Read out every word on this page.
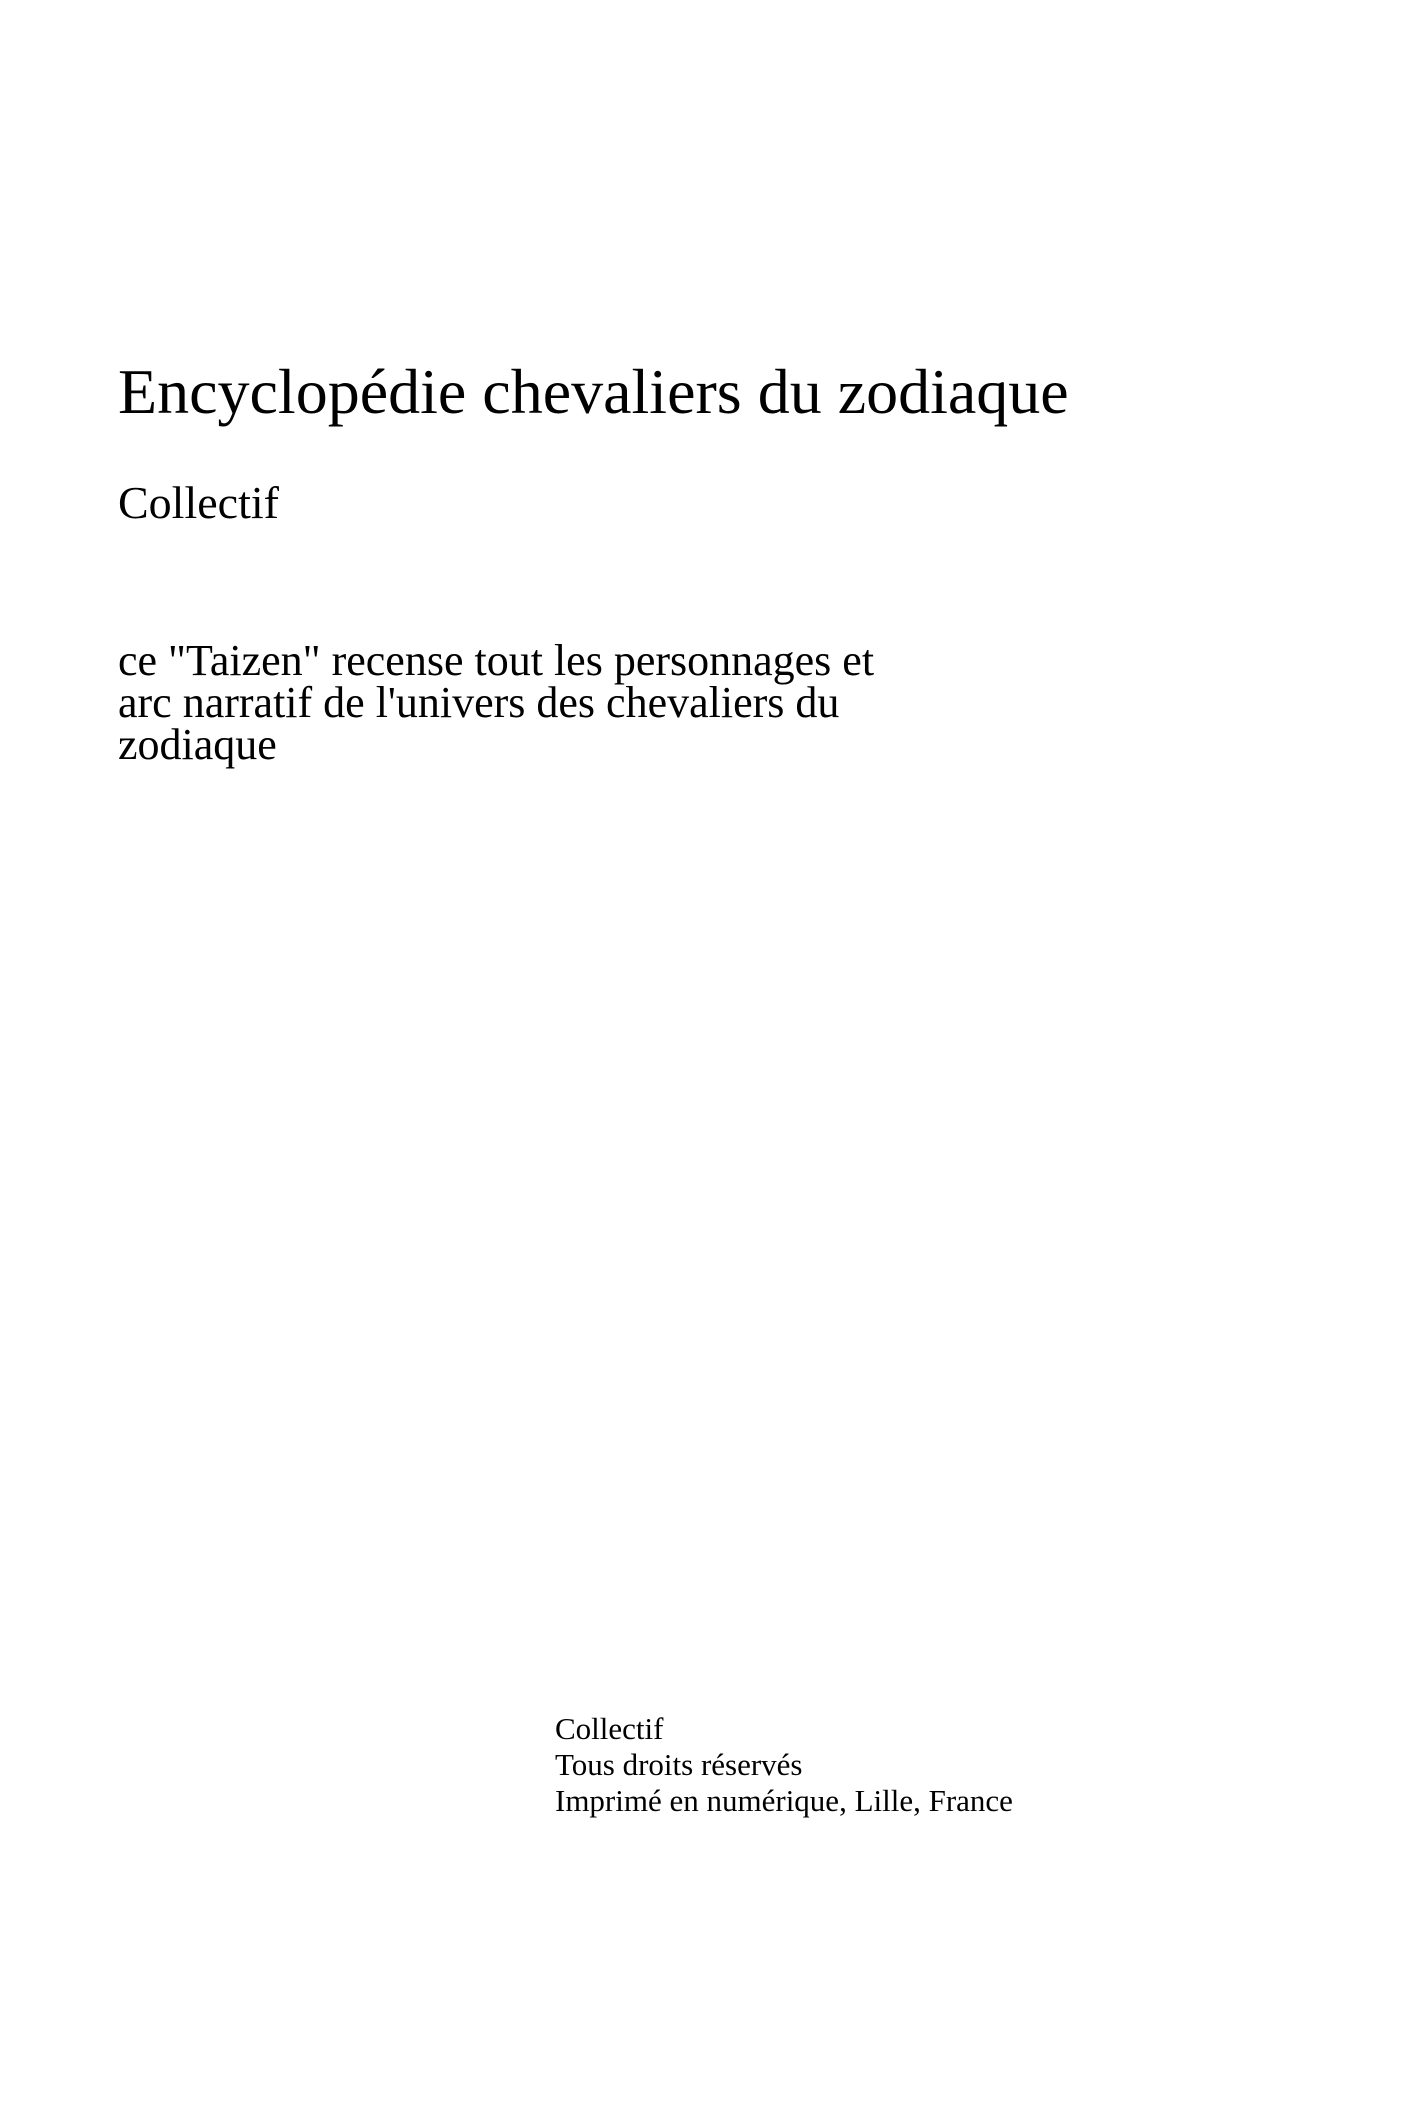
Encyclopédie chevaliers du zodiaque

Collectif

ce "Taizen" recense tout les personnages et
arc narratif de l'univers des chevaliers du
zodiaque

Collectif
Tous droits réservés
Imprimé en numérique, Lille, France
